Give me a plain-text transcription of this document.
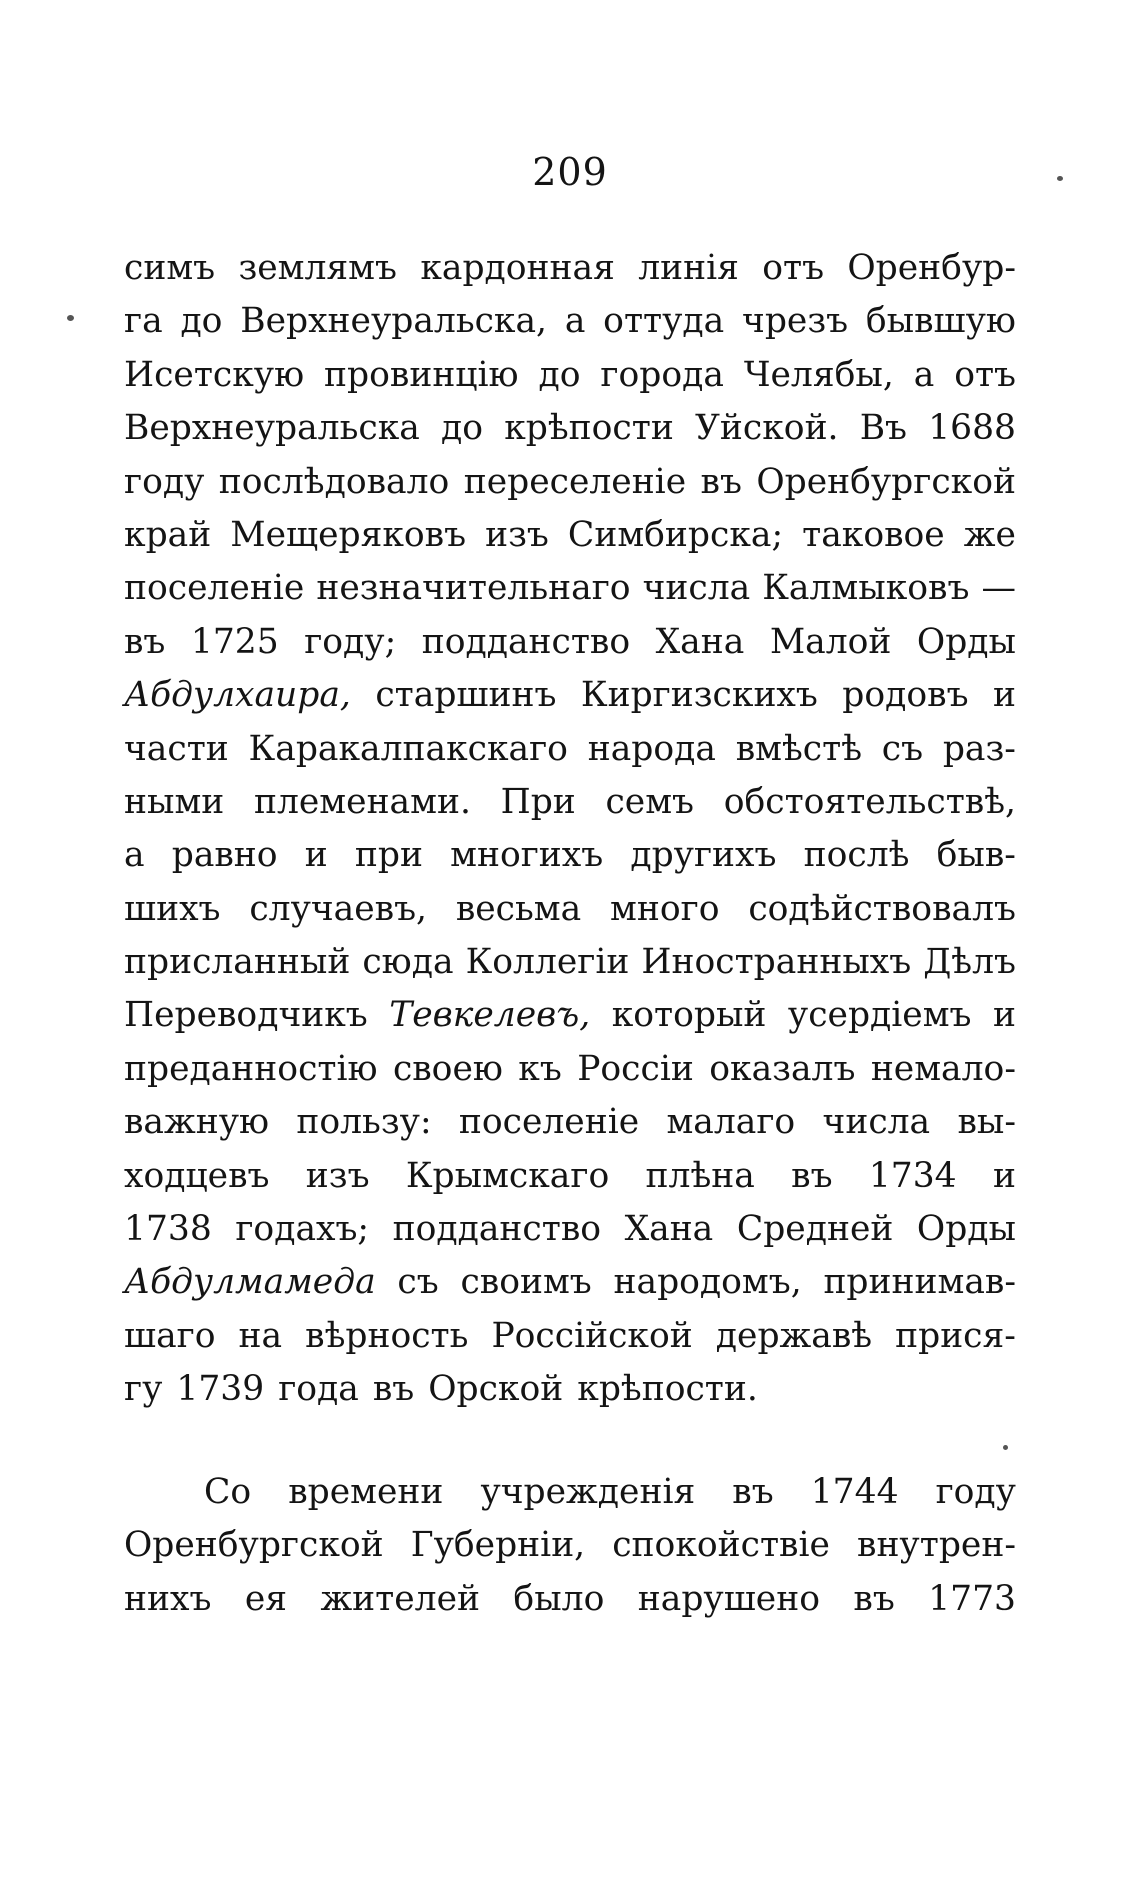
209
симъ землямъ кардонная линія отъ Оренбур-
га до Верхнеуральска, а оттуда чрезъ бывшую
Исетскую провинцію до города Челябы, а отъ
Верхнеуральска до крѣпости Уйской. Въ 1688
году послѣдовало переселеніе въ Оренбургской
край Мещеряковъ изъ Симбирска; таковое же
поселеніе незначительнаго числа Калмыковъ —
въ 1725 году; подданство Хана Малой Орды
Абдулхаира, старшинъ Киргизскихъ родовъ и
части Каракалпакскаго народа вмѣстѣ съ раз-
ными племенами. При семъ обстоятельствѣ,
а равно и при многихъ другихъ послѣ быв-
шихъ случаевъ, весьма много содѣйствовалъ
присланный сюда Коллегіи Иностранныхъ Дѣлъ
Переводчикъ Тевкелевъ, который усердіемъ и
преданностію своею къ Россіи оказалъ немало-
важную пользу: поселеніе малаго числа вы-
ходцевъ изъ Крымскаго плѣна въ 1734 и
1738 годахъ; подданство Хана Средней Орды
Абдулмамеда съ своимъ народомъ, принимав-
шаго на вѣрность Россійской державѣ прися-
гу 1739 года въ Орской крѣпости.
Со времени учрежденія въ 1744 году
Оренбургской Губерніи, спокойствіе внутрен-
нихъ ея жителей было нарушено въ 1773
